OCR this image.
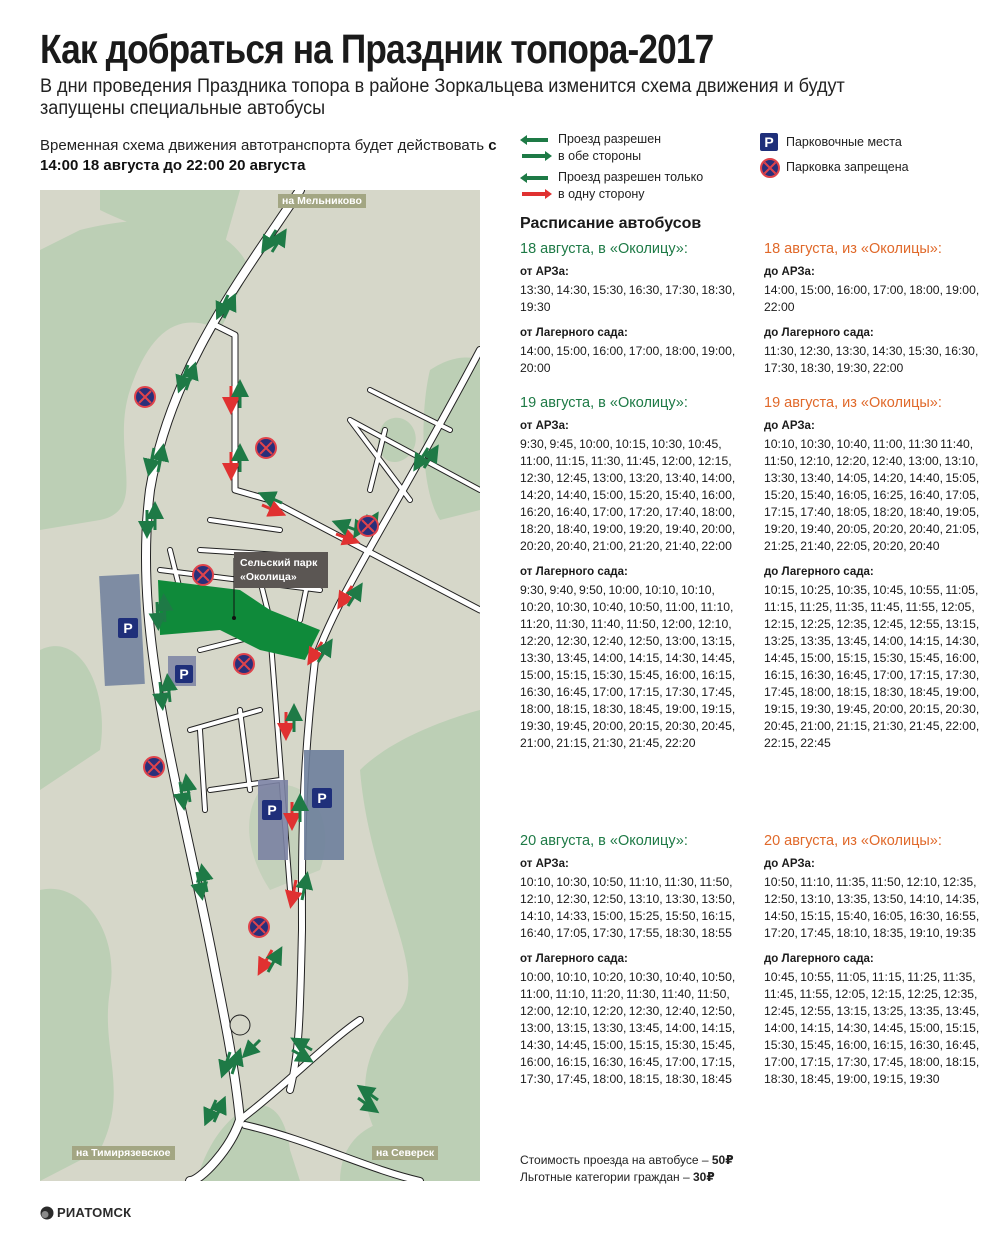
Как добраться на Праздник топора-2017
В дни проведения Праздника топора в районе Зоркальцева изменится схема движения и будут запущены специальные автобусы
Временная схема движения автотранспорта будет действовать с 14:00 18 августа до 22:00 20 августа
Проезд разрешен
в обе стороны
Проезд разрешен только
в одну сторону
P Парковочные места
Парковка запрещена
P
P
P
P
на Мельниково
на Тимирязевское	на Северск
Сельский парк «Околица»
Расписание автобусов
18 августа, в «Околицу»:
от АРЗа:
13:30, 14:30, 15:30, 16:30, 17:30, 18:30, 19:30
от Лагерного сада:
14:00, 15:00, 16:00, 17:00, 18:00, 19:00, 20:00
18 августа, из «Околицы»:
до АРЗа:
14:00, 15:00, 16:00, 17:00, 18:00, 19:00, 22:00
до Лагерного сада:
11:30, 12:30, 13:30, 14:30, 15:30, 16:30, 17:30, 18:30, 19:30, 22:00
19 августа, в «Околицу»:
от АРЗа:
9:30, 9:45, 10:00, 10:15, 10:30, 10:45, 11:00, 11:15, 11:30, 11:45, 12:00, 12:15, 12:30, 12:45, 13:00, 13:20, 13:40, 14:00, 14:20, 14:40, 15:00, 15:20, 15:40, 16:00, 16:20, 16:40, 17:00, 17:20, 17:40, 18:00, 18:20, 18:40, 19:00, 19:20, 19:40, 20:00, 20:20, 20:40, 21:00, 21:20, 21:40, 22:00
от Лагерного сада:
9:30, 9:40, 9:50, 10:00, 10:10, 10:10, 10:20, 10:30, 10:40, 10:50, 11:00, 11:10, 11:20, 11:30, 11:40, 11:50, 12:00, 12:10, 12:20, 12:30, 12:40, 12:50, 13:00, 13:15, 13:30, 13:45, 14:00, 14:15, 14:30, 14:45, 15:00, 15:15, 15:30, 15:45, 16:00, 16:15, 16:30, 16:45, 17:00, 17:15, 17:30, 17:45, 18:00, 18:15, 18:30, 18:45, 19:00, 19:15, 19:30, 19:45, 20:00, 20:15, 20:30, 20:45, 21:00, 21:15, 21:30, 21:45, 22:20
19 августа, из «Околицы»:
до АРЗа:
10:10, 10:30, 10:40, 11:00, 11:30 11:40, 11:50, 12:10, 12:20, 12:40, 13:00, 13:10, 13:30, 13:40, 14:05, 14:20, 14:40, 15:05, 15:20, 15:40, 16:05, 16:25, 16:40, 17:05, 17:15, 17:40, 18:05, 18:20, 18:40, 19:05, 19:20, 19:40, 20:05, 20:20, 20:40, 21:05, 21:25, 21:40, 22:05, 20:20, 20:40
до Лагерного сада:
10:15, 10:25, 10:35, 10:45, 10:55, 11:05, 11:15, 11:25, 11:35, 11:45, 11:55, 12:05, 12:15, 12:25, 12:35, 12:45, 12:55, 13:15, 13:25, 13:35, 13:45, 14:00, 14:15, 14:30, 14:45, 15:00, 15:15, 15:30, 15:45, 16:00, 16:15, 16:30, 16:45, 17:00, 17:15, 17:30, 17:45, 18:00, 18:15, 18:30, 18:45, 19:00, 19:15, 19:30, 19:45, 20:00, 20:15, 20:30, 20:45, 21:00, 21:15, 21:30, 21:45, 22:00, 22:15, 22:45
20 августа, в «Околицу»:
от АРЗа:
10:10, 10:30, 10:50, 11:10, 11:30, 11:50, 12:10, 12:30, 12:50, 13:10, 13:30, 13:50, 14:10, 14:33, 15:00, 15:25, 15:50, 16:15, 16:40, 17:05, 17:30, 17:55, 18:30, 18:55
от Лагерного сада:
10:00, 10:10, 10:20, 10:30, 10:40, 10:50, 11:00, 11:10, 11:20, 11:30, 11:40, 11:50, 12:00, 12:10, 12:20, 12:30, 12:40, 12:50, 13:00, 13:15, 13:30, 13:45, 14:00, 14:15, 14:30, 14:45, 15:00, 15:15, 15:30, 15:45, 16:00, 16:15, 16:30, 16:45, 17:00, 17:15, 17:30, 17:45, 18:00, 18:15, 18:30, 18:45
20 августа, из «Околицы»:
до АРЗа:
10:50, 11:10, 11:35, 11:50, 12:10, 12:35, 12:50, 13:10, 13:35, 13:50, 14:10, 14:35, 14:50, 15:15, 15:40, 16:05, 16:30, 16:55, 17:20, 17:45, 18:10, 18:35, 19:10, 19:35
до Лагерного сада:
10:45, 10:55, 11:05, 11:15, 11:25, 11:35, 11:45, 11:55, 12:05, 12:15, 12:25, 12:35, 12:45, 12:55, 13:15, 13:25, 13:35, 13:45, 14:00, 14:15, 14:30, 14:45, 15:00, 15:15, 15:30, 15:45, 16:00, 16:15, 16:30, 16:45, 17:00, 17:15, 17:30, 17:45, 18:00, 18:15, 18:30, 18:45, 19:00, 19:15, 19:30
Стоимость проезда на автобусе – 50₽
Льготные категории граждан – 30₽
РИАТОМСК
